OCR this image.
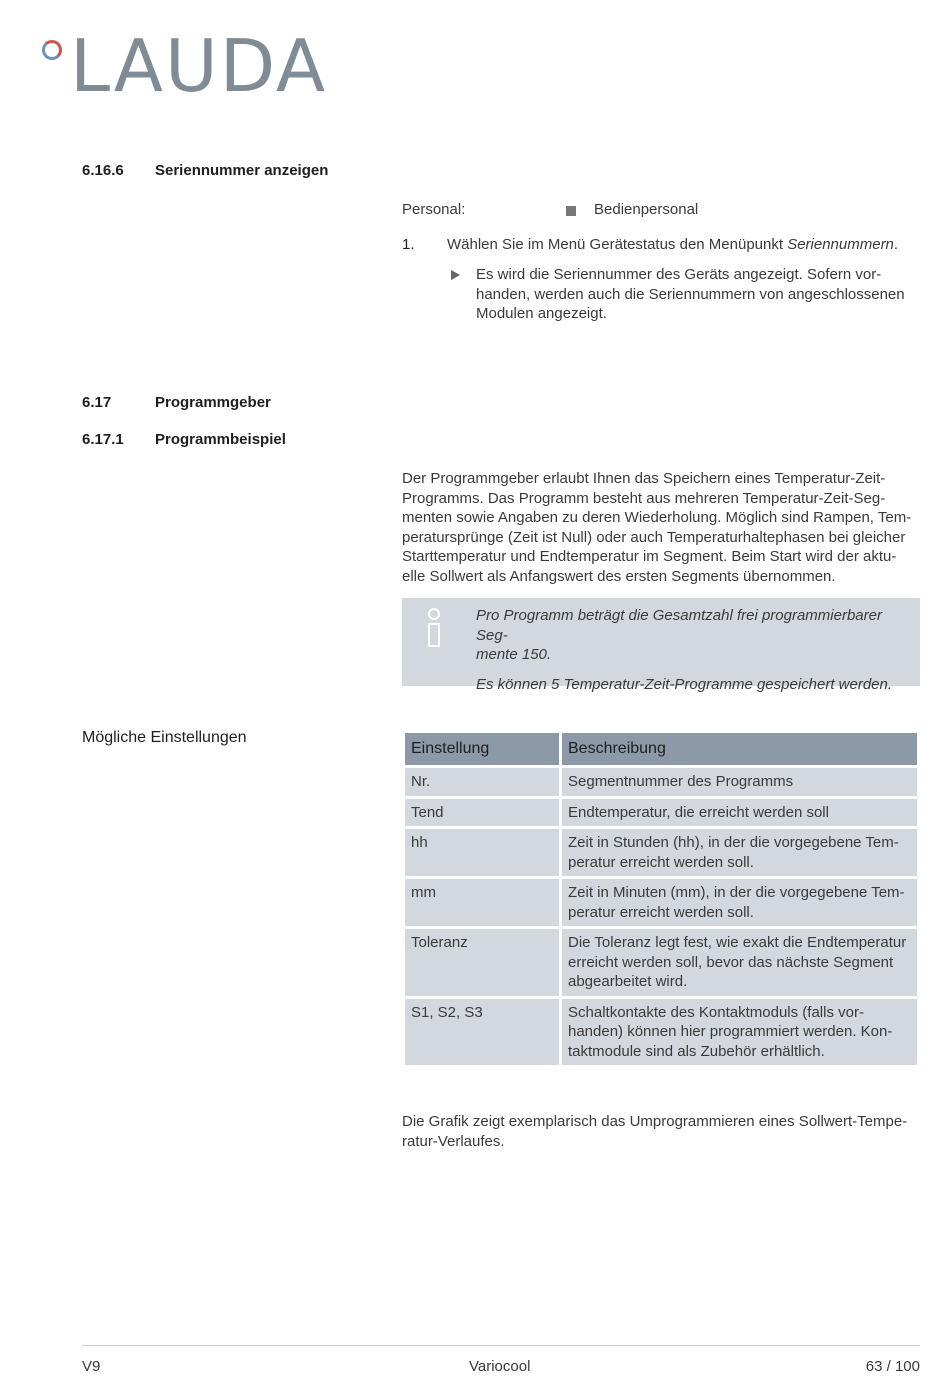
LAUDA
6.16.6 Seriennummer anzeigen
Personal:	Bedienpersonal
1. Wählen Sie im Menü Gerätestatus den Menüpunkt Seriennummern.
Es wird die Seriennummer des Geräts angezeigt. Sofern vor-
handen, werden auch die Seriennummern von angeschlossenen
Modulen angezeigt.
6.17	Programmgeber
6.17.1 Programmbeispiel
Der Programmgeber erlaubt Ihnen das Speichern eines Temperatur-Zeit-
Programms. Das Programm besteht aus mehreren Temperatur-Zeit-Seg-
menten sowie Angaben zu deren Wiederholung. Möglich sind Rampen, Tem-
peratursprünge (Zeit ist Null) oder auch Temperaturhaltephasen bei gleicher
Starttemperatur und Endtemperatur im Segment. Beim Start wird der aktu-
elle Sollwert als Anfangswert des ersten Segments übernommen.

Pro Programm beträgt die Gesamtzahl frei programmierbarer Seg-
mente 150.

Es können 5 Temperatur-Zeit-Programme gespeichert werden.

Mögliche Einstellungen
Einstellung	Beschreibung
Nr.	Segmentnummer des Programms

Tend	Endtemperatur, die erreicht werden soll

hh	Zeit in Stunden (hh), in der die vorgegebene Tem-
peratur erreicht werden soll.

mm	Zeit in Minuten (mm), in der die vorgegebene Tem-
peratur erreicht werden soll.

Toleranz	Die Toleranz legt fest, wie exakt die Endtemperatur
erreicht werden soll, bevor das nächste Segment
abgearbeitet wird.

S1, S2, S3	Schaltkontakte des Kontaktmoduls (falls vor-
handen) können hier programmiert werden. Kon-
taktmodule sind als Zubehör erhältlich.
Die Grafik zeigt exemplarisch das Umprogrammieren eines Sollwert-Tempe-
ratur-Verlaufes.
V9	Variocool	63 / 100
